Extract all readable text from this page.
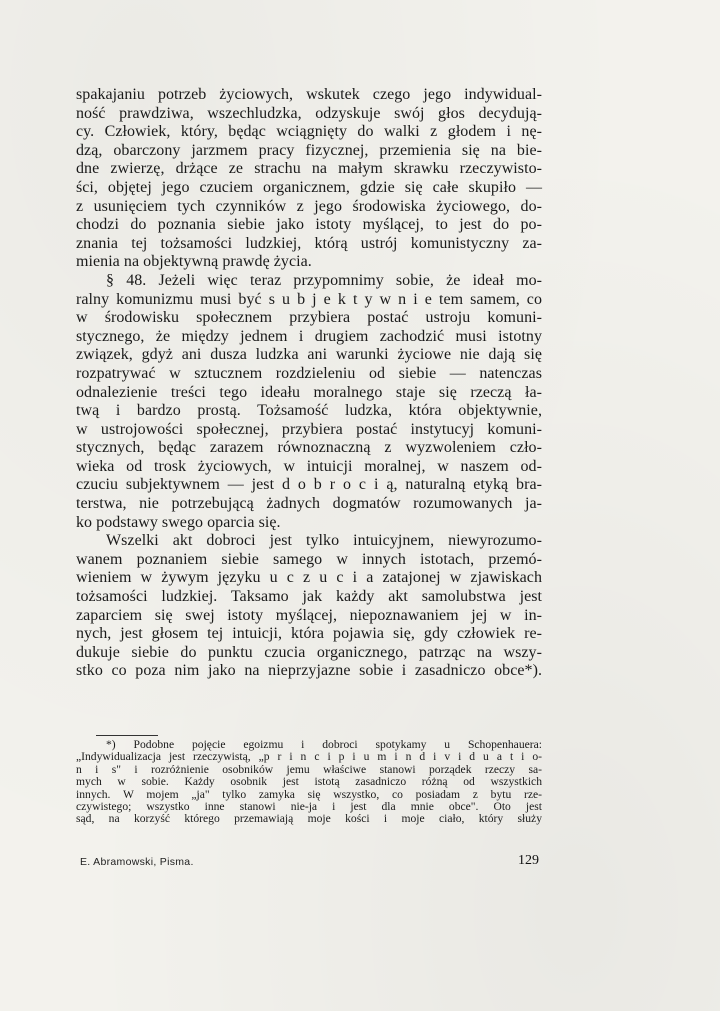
spakajaniu potrzeb życiowych, wskutek czego jego indywidual-
ność prawdziwa, wszechludzka, odzyskuje swój głos decydują-
cy. Człowiek, który, będąc wciągnięty do walki z głodem i nę-
dzą, obarczony jarzmem pracy fizycznej, przemienia się na bie-
dne zwierzę, drżące ze strachu na małym skrawku rzeczywisto-
ści, objętej jego czuciem organicznem, gdzie się całe skupiło —
z usunięciem tych czynników z jego środowiska życiowego, do-
chodzi do poznania siebie jako istoty myślącej, to jest do po-
znania tej tożsamości ludzkiej, którą ustrój komunistyczny za-
mienia na objektywną prawdę życia.
§ 48. Jeżeli więc teraz przypomnimy sobie, że ideał mo-
ralny komunizmu musi być s u b j e k t y w n i e tem samem, co
w środowisku społecznem przybiera postać ustroju komuni-
stycznego, że między jednem i drugiem zachodzić musi istotny
związek, gdyż ani dusza ludzka ani warunki życiowe nie dają się
rozpatrywać w sztucznem rozdzieleniu od siebie — natenczas
odnalezienie treści tego ideału moralnego staje się rzeczą ła-
twą i bardzo prostą. Tożsamość ludzka, która objektywnie,
w ustrojowości społecznej, przybiera postać instytucyj komuni-
stycznych, będąc zarazem równoznaczną z wyzwoleniem czło-
wieka od trosk życiowych, w intuicji moralnej, w naszem od-
czuciu subjektywnem — jest d o b r o c i ą, naturalną etyką bra-
terstwa, nie potrzebującą żadnych dogmatów rozumowanych ja-
ko podstawy swego oparcia się.
Wszelki akt dobroci jest tylko intuicyjnem, niewyrozumo-
wanem poznaniem siebie samego w innych istotach, przemó-
wieniem w żywym języku u c z u c i a zatajonej w zjawiskach
tożsamości ludzkiej. Taksamo jak każdy akt samolubstwa jest
zaparciem się swej istoty myślącej, niepoznawaniem jej w in-
nych, jest głosem tej intuicji, która pojawia się, gdy człowiek re-
dukuje siebie do punktu czucia organicznego, patrząc na wszy-
stko co poza nim jako na nieprzyjazne sobie i zasadniczo obce*).
*) Podobne pojęcie egoizmu i dobroci spotykamy u Schopenhauera:
„Indywidualizacja jest rzeczywistą, „p r i n c i p i u m i n d i v i d u a t i o-
n i s" i rozróżnienie osobników jemu właściwe stanowi porządek rzeczy sa-
mych w sobie. Każdy osobnik jest istotą zasadniczo różną od wszystkich
innych. W mojem „ja" tylko zamyka się wszystko, co posiadam z bytu rze-
czywistego; wszystko inne stanowi nie-ja i jest dla mnie obce". Oto jest
sąd, na korzyść którego przemawiają moje kości i moje ciało, który służy
E. Abramowski, Pisma.	129
